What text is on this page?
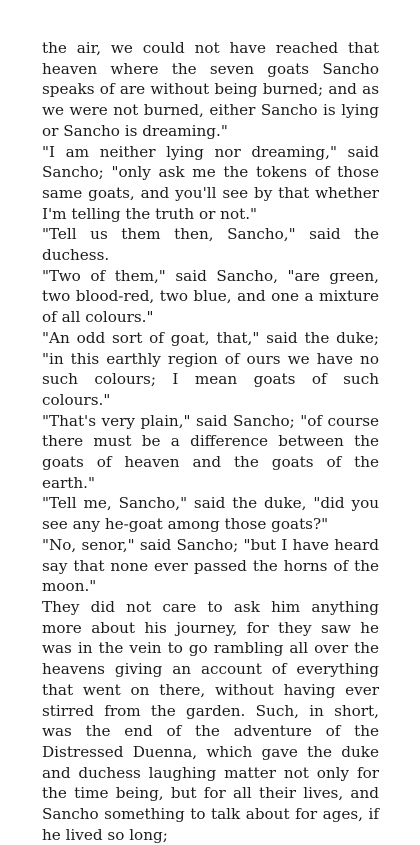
the air, we could not have reached that heaven where the seven goats Sancho speaks of are without being burned; and as we were not burned, either Sancho is lying or Sancho is dreaming."

"I am neither lying nor dreaming," said Sancho; "only ask me the tokens of those same goats, and you'll see by that whether I'm telling the truth or not."

"Tell us them then, Sancho," said the duchess.

"Two of them," said Sancho, "are green, two blood-red, two blue, and one a mixture of all colours."

"An odd sort of goat, that," said the duke; "in this earthly region of ours we have no such colours; I mean goats of such colours."

"That's very plain," said Sancho; "of course there must be a difference between the goats of heaven and the goats of the earth."

"Tell me, Sancho," said the duke, "did you see any he-goat among those goats?"

"No, senor," said Sancho; "but I have heard say that none ever passed the horns of the moon."

They did not care to ask him anything more about his journey, for they saw he was in the vein to go rambling all over the heavens giving an account of everything that went on there, without having ever stirred from the garden. Such, in short, was the end of the adventure of the Distressed Duenna, which gave the duke and duchess laughing matter not only for the time being, but for all their lives, and Sancho something to talk about for ages, if he lived so long;
